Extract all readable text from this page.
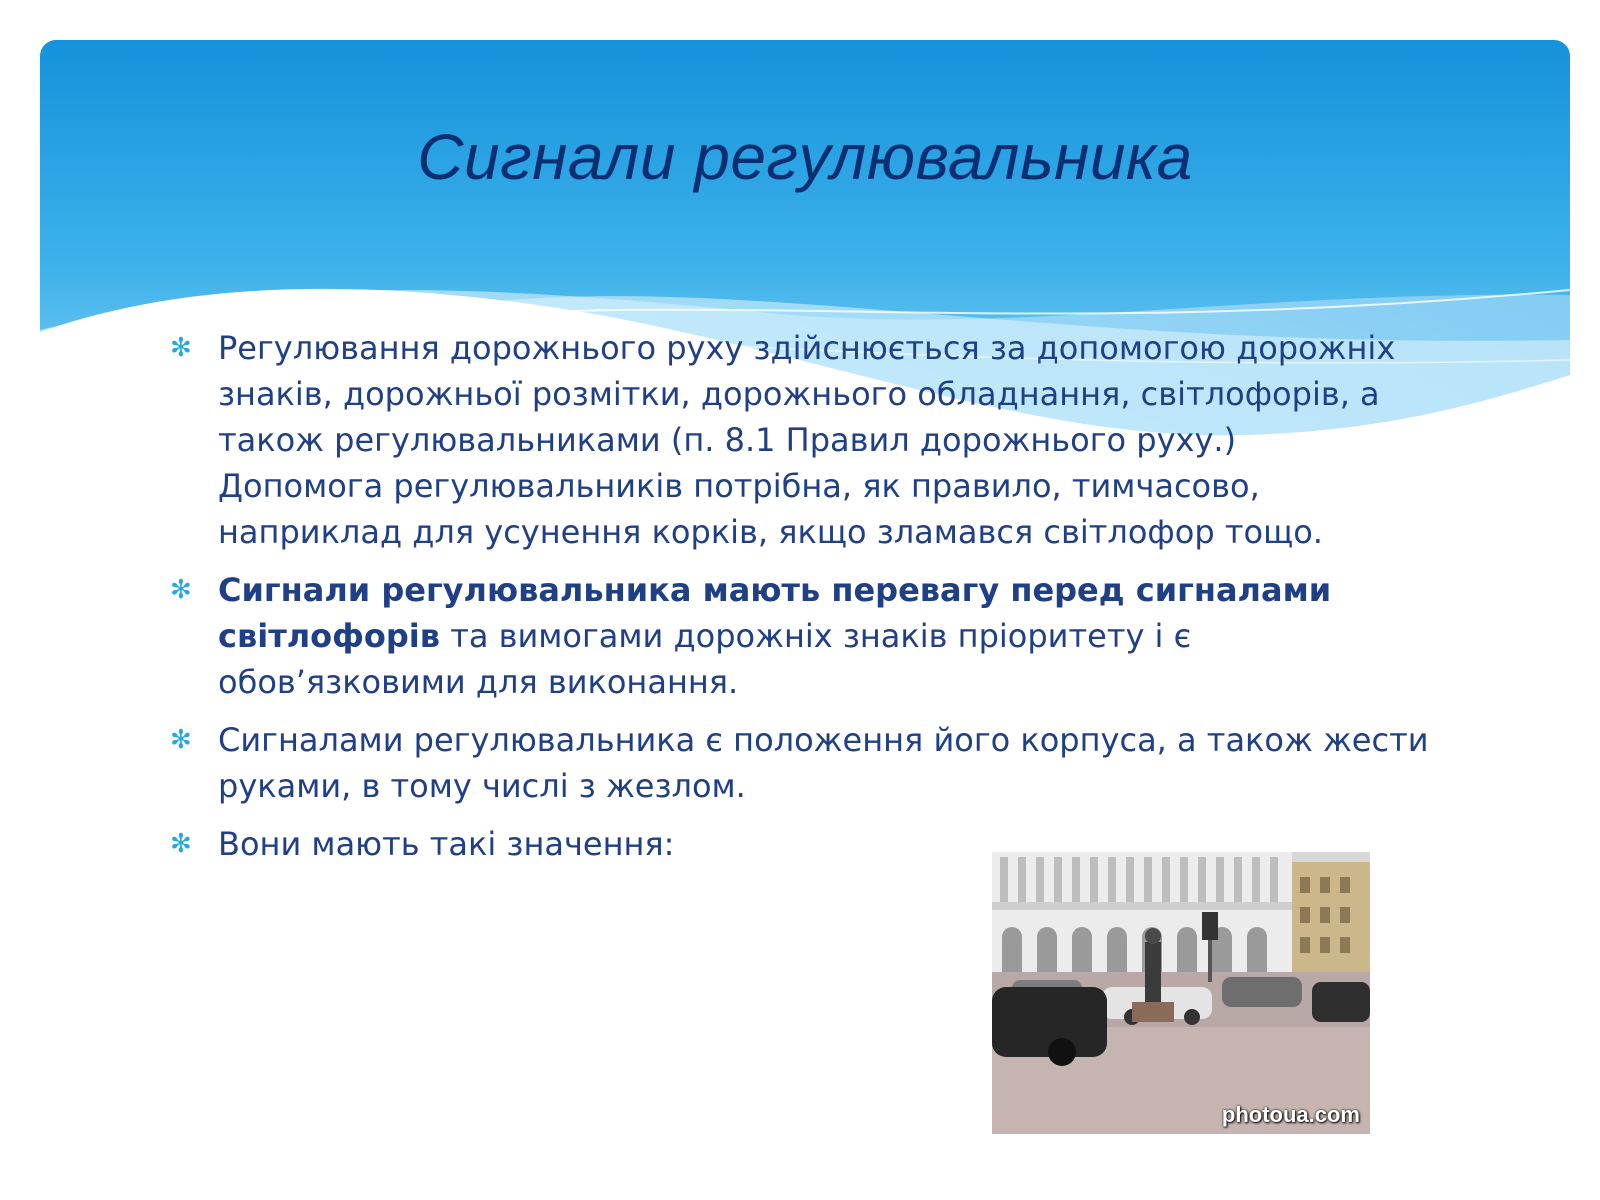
Сигнали регулювальника
✻ Регулювання дорожнього руху здійснюється за допомогою дорожніх знаків, дорожньої розмітки, дорожнього обладнання, світлофорів, а також регулювальниками (п. 8.1 Правил дорожнього руху.)
Допомога регулювальників потрібна, як правило, тимчасово, наприклад для усунення корків, якщо зламався світлофор тощо.
✻ Сигнали регулювальника мають перевагу перед сигналами світлофорів та вимогами дорожніх знаків пріоритету і є обов’язковими для виконання.
✻ Сигналами регулювальника є положення його корпуса, а також жести руками, в тому числі з жезлом.
✻ Вони мають такі значення:
photoua.com
